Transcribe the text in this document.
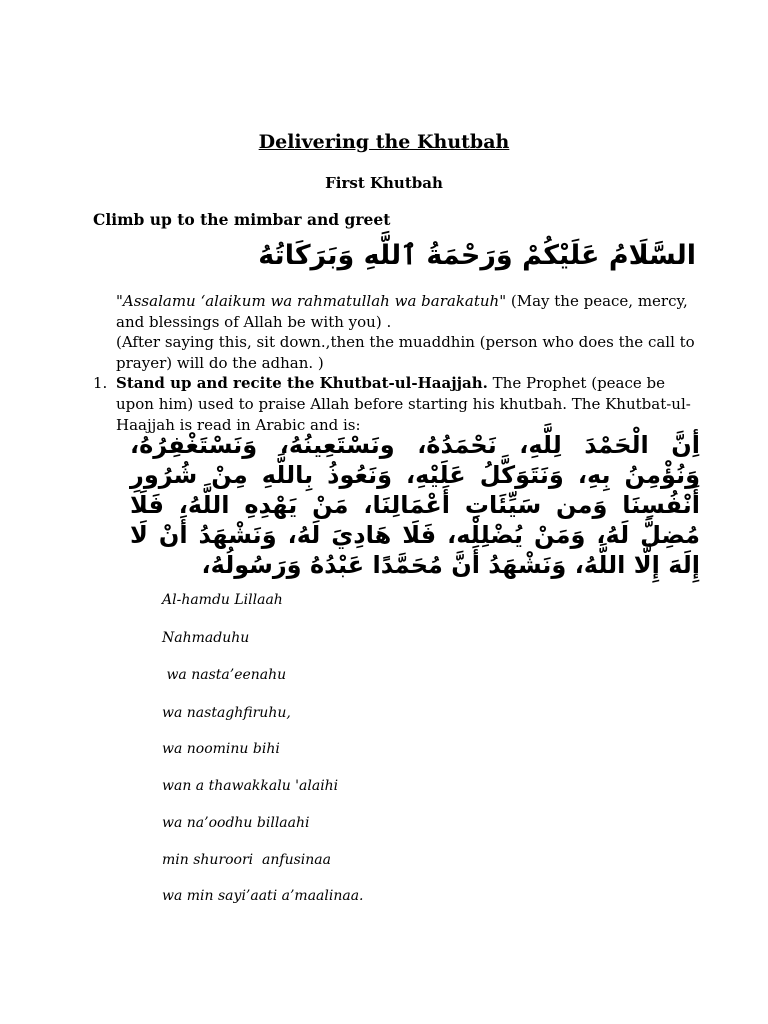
Delivering the Khutbah
First Khutbah
Climb up to the mimbar and greet
السَّلَامُ عَلَيْكُمْ وَرَحْمَةُ ٱللَّهِ وَبَرَكَاتُهُ
"Assalamu ‘alaikum wa rahmatullah wa barakatuh" (May the peace, mercy, and blessings of Allah be with you) .
(After saying this, sit down.,then the muaddhin (person who does the call to prayer) will do the adhan. )
1. Stand up and recite the Khutbat-ul-Haajjah. The Prophet (peace be upon him) used to praise Allah before starting his khutbah. The Khutbat-ul-Haajjah is read in Arabic and is:
أِنَّ الْحَمْدَ لِلَّهِ، نَحْمَدُهُ، ونَسْتَعِينُهُ، وَنَسْتَغْفِرُهُ، وَنُؤْمِنُ بِهِ، وَنَتَوَكَّلُ عَلَيْهِ، وَنَعُوذُ بِاللَّهِ مِنْ شُرُورِ أَنْفُسِنَا وَمن سَيِّئَاتِ أَعْمَالِنَا، مَنْ يَهْدِهِ اللَّهُ، فَلَا مُضِلَّ لَهُ، وَمَنْ يُضْلِلْه، فَلَا هَادِيَ لَهُ، وَنَشْهَدُ أَنْ لَا إِلَهَ إِلَّا اللَّهُ، وَنَشْهَدُ أَنَّ مُحَمَّدًا عَبْدُهُ وَرَسُولُهُ،
Al-hamdu Lillaah
Nahmaduhu
wa nasta’eenahu
wa nastaghfiruhu,
wa noominu bihi
wan a thawakkalu 'alaihi
wa na’oodhu billaahi
min shuroori  anfusinaa
wa min sayi’aati a’maalinaa.
